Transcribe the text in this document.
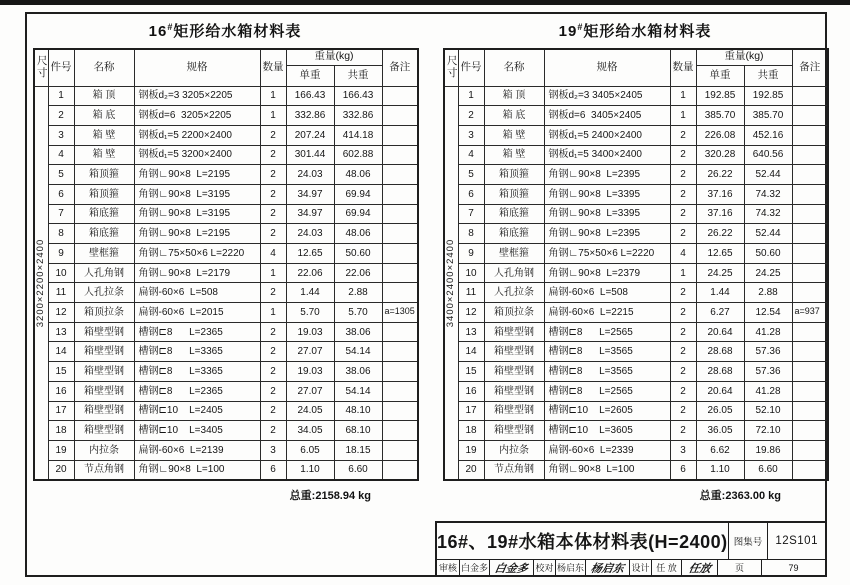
16#矩形给水箱材料表
尺寸	件号	名称	规格	数量	重量(kg)		备注
					单重	共重	

3200×2200×2400	1	箱 顶	钢板d₂=3 3205×2205	1	166.43	166.43	
	2	箱 底	钢板d=6  3205×2205	1	332.86	332.86	
	3	箱 壁	钢板d₁=5 2200×2400	2	207.24	414.18	
	4	箱 壁	钢板d₁=5 3200×2400	2	301.44	602.88	
	5	箱顶箍	角钢∟90×8  L=2195	2	24.03	48.06	
	6	箱顶箍	角钢∟90×8  L=3195	2	34.97	69.94	
	7	箱底箍	角钢∟90×8  L=3195	2	34.97	69.94	
	8	箱底箍	角钢∟90×8  L=2195	2	24.03	48.06	
	9	壁框箍	角钢∟75×50×6 L=2220	4	12.65	50.60	
	10	人孔角钢	角钢∟90×8  L=2179	1	22.06	22.06	
	11	人孔拉条	扁钢-60×6  L=508	2	1.44	2.88	
	12	箱顶拉条	扁钢-60×6  L=2015	1	5.70	5.70	a=1305
	13	箱壁型钢	槽钢⊏8      L=2365	2	19.03	38.06	
	14	箱壁型钢	槽钢⊏8      L=3365	2	27.07	54.14	
	15	箱壁型钢	槽钢⊏8      L=3365	2	19.03	38.06	
	16	箱壁型钢	槽钢⊏8      L=2365	2	27.07	54.14	
	17	箱壁型钢	槽钢⊏10    L=2405	2	24.05	48.10	
	18	箱壁型钢	槽钢⊏10    L=3405	2	34.05	68.10	
	19	内拉条	扁钢-60×6  L=2139	3	6.05	18.15	
	20	节点角钢	角钢∟90×8  L=100	6	1.10	6.60	
总重:2158.94 kg
19#矩形给水箱材料表
尺寸	件号	名称	规格	数量	重量(kg)		备注
					单重	共重	

3400×2400×2400	1	箱 顶	钢板d₂=3 3405×2405	1	192.85	192.85	
	2	箱 底	钢板d=6  3405×2405	1	385.70	385.70	
	3	箱 壁	钢板d₁=5 2400×2400	2	226.08	452.16	
	4	箱 壁	钢板d₁=5 3400×2400	2	320.28	640.56	
	5	箱顶箍	角钢∟90×8  L=2395	2	26.22	52.44	
	6	箱顶箍	角钢∟90×8  L=3395	2	37.16	74.32	
	7	箱底箍	角钢∟90×8  L=3395	2	37.16	74.32	
	8	箱底箍	角钢∟90×8  L=2395	2	26.22	52.44	
	9	壁框箍	角钢∟75×50×6 L=2220	4	12.65	50.60	
	10	人孔角钢	角钢∟90×8  L=2379	1	24.25	24.25	
	11	人孔拉条	扁钢-60×6  L=508	2	1.44	2.88	
	12	箱顶拉条	扁钢-60×6  L=2215	2	6.27	12.54	a=937
	13	箱壁型钢	槽钢⊏8      L=2565	2	20.64	41.28	
	14	箱壁型钢	槽钢⊏8      L=3565	2	28.68	57.36	
	15	箱壁型钢	槽钢⊏8      L=3565	2	28.68	57.36	
	16	箱壁型钢	槽钢⊏8      L=2565	2	20.64	41.28	
	17	箱壁型钢	槽钢⊏10    L=2605	2	26.05	52.10	
	18	箱壁型钢	槽钢⊏10    L=3605	2	36.05	72.10	
	19	内拉条	扁钢-60×6  L=2339	3	6.62	19.86	
	20	节点角钢	角钢∟90×8  L=100	6	1.10	6.60	
总重:2363.00 kg
16#、19#水箱本体材料表(H=2400) 图集号	12S101
审核 白金多 白金多 校对 杨启东 杨启东 设计 任 放 任放	页	79
